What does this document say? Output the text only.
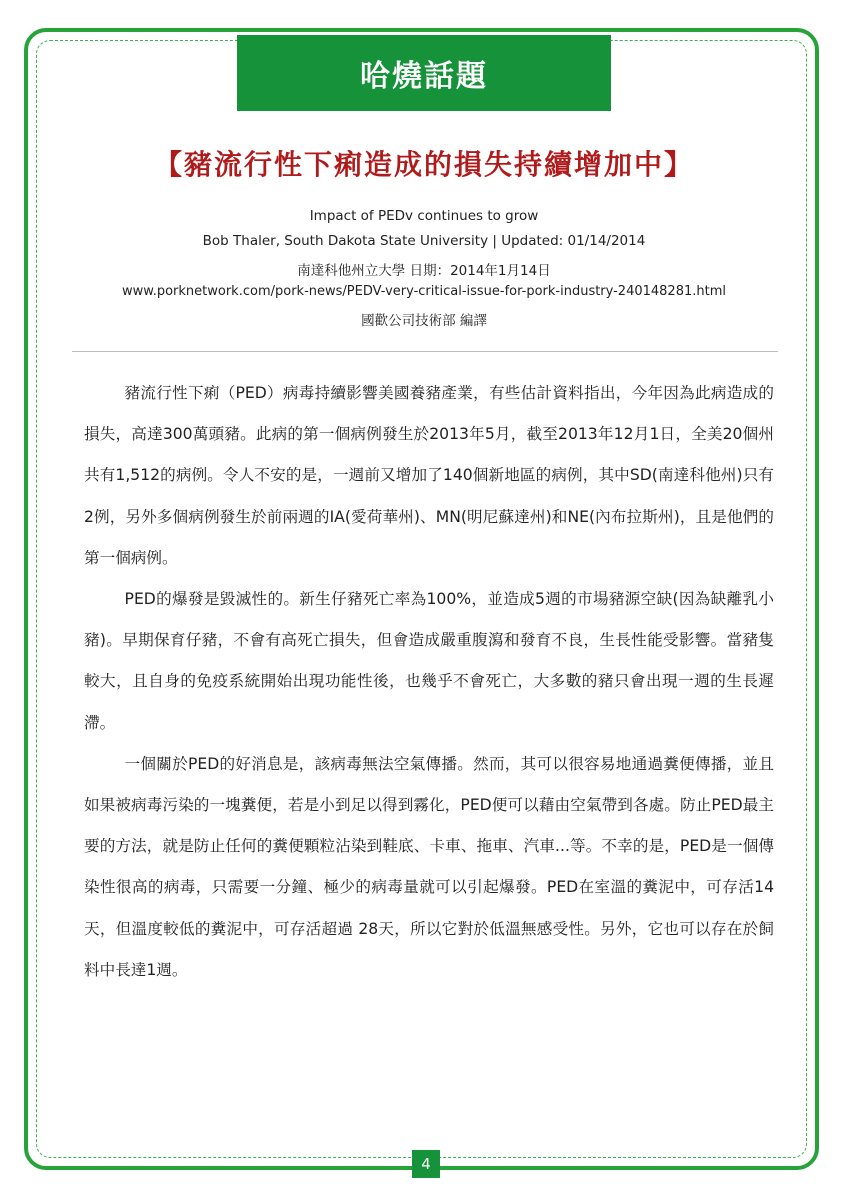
哈燒話題
【豬流行性下痢造成的損失持續增加中】
Impact of PEDv continues to grow
Bob Thaler, South Dakota State University | Updated: 01/14/2014
南達科他州立大學 日期：2014年1月14日
www.porknetwork.com/pork-news/PEDV-very-critical-issue-for-pork-industry-240148281.html
國歡公司技術部 編譯

豬流行性下痢（PED）病毒持續影響美國養豬產業，有些估計資料指出，今年因為此病造成的損失，高達300萬頭豬。此病的第一個病例發生於2013年5月，截至2013年12月1日，全美20個州共有1,512的病例。令人不安的是，一週前又增加了140個新地區的病例，其中SD(南達科他州)只有2例，另外多個病例發生於前兩週的IA(愛荷華州)、MN(明尼蘇達州)和NE(內布拉斯州)，且是他們的第一個病例。

PED的爆發是毀滅性的。新生仔豬死亡率為100%，並造成5週的市場豬源空缺(因為缺離乳小豬)。早期保育仔豬，不會有高死亡損失，但會造成嚴重腹瀉和發育不良，生長性能受影響。當豬隻較大，且自身的免疫系統開始出現功能性後，也幾乎不會死亡，大多數的豬只會出現一週的生長遲滯。

一個關於PED的好消息是，該病毒無法空氣傳播。然而，其可以很容易地通過糞便傳播，並且如果被病毒污染的一塊糞便，若是小到足以得到霧化，PED便可以藉由空氣帶到各處。防止PED最主要的方法，就是防止任何的糞便顆粒沾染到鞋底、卡車、拖車、汽車...等。不幸的是，PED是一個傳染性很高的病毒，只需要一分鐘、極少的病毒量就可以引起爆發。PED在室溫的糞泥中，可存活14天，但溫度較低的糞泥中，可存活超過 28天，所以它對於低溫無感受性。另外，它也可以存在於飼料中長達1週。

4
